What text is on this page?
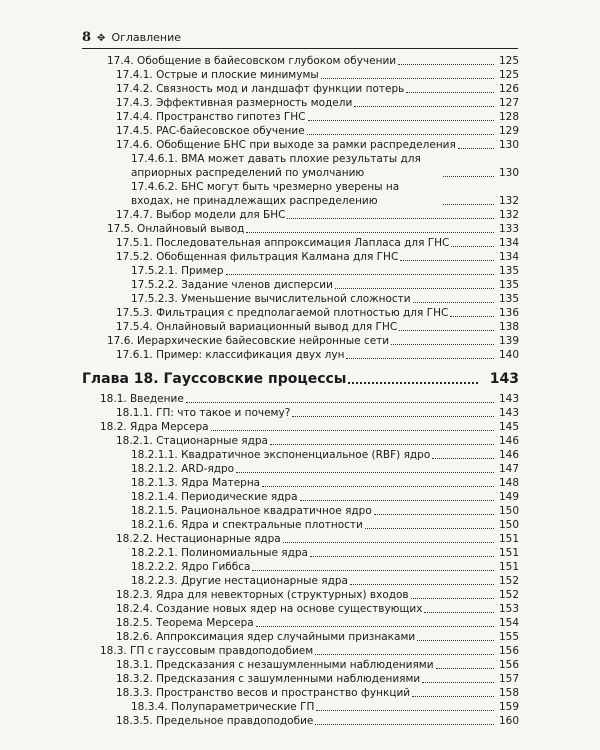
8 ✥ Оглавление
17.4. Обобщение в байесовском глубоком обучении	125
17.4.1. Острые и плоские минимумы	125
17.4.2. Связность мод и ландшафт функции потерь	126
17.4.3. Эффективная размерность модели	127
17.4.4. Пространство гипотез ГНС	128
17.4.5. PAC-байесовское обучение	129
17.4.6. Обобщение БНС при выходе за рамки распределения	130
17.4.6.1. BMA может давать плохие результаты для априорных распределений по умолчанию	130
17.4.6.2. БНС могут быть чрезмерно уверены на входах, не принадлежащих распределению	132
17.4.7. Выбор модели для БНС	132
17.5. Онлайновый вывод	133
17.5.1. Последовательная аппроксимация Лапласа для ГНС	134
17.5.2. Обобщенная фильтрация Калмана для ГНС	134
17.5.2.1. Пример	135
17.5.2.2. Задание членов дисперсии	135
17.5.2.3. Уменьшение вычислительной сложности	135
17.5.3. Фильтрация с предполагаемой плотностью для ГНС	136
17.5.4. Онлайновый вариационный вывод для ГНС	138
17.6. Иерархические байесовские нейронные сети	139
17.6.1. Пример: классификация двух лун	140
Глава 18. Гауссовские процессы	143
18.1. Введение	143
18.1.1. ГП: что такое и почему?	143
18.2. Ядра Мерсера	145
18.2.1. Стационарные ядра	146
18.2.1.1. Квадратичное экспоненциальное (RBF) ядро	146
18.2.1.2. ARD-ядро	147
18.2.1.3. Ядра Матерна	148
18.2.1.4. Периодические ядра	149
18.2.1.5. Рациональное квадратичное ядро	150
18.2.1.6. Ядра и спектральные плотности	150
18.2.2. Нестационарные ядра	151
18.2.2.1. Полиномиальные ядра	151
18.2.2.2. Ядро Гиббса	151
18.2.2.3. Другие нестационарные ядра	152
18.2.3. Ядра для невекторных (структурных) входов	152
18.2.4. Создание новых ядер на основе существующих	153
18.2.5. Теорема Мерсера	154
18.2.6. Аппроксимация ядер случайными признаками	155
18.3. ГП с гауссовым правдоподобием	156
18.3.1. Предсказания с незашумленными наблюдениями	156
18.3.2. Предсказания с зашумленными наблюдениями	157
18.3.3. Пространство весов и пространство функций	158
18.3.4. Полупараметрические ГП	159
18.3.5. Предельное правдоподобие	160
